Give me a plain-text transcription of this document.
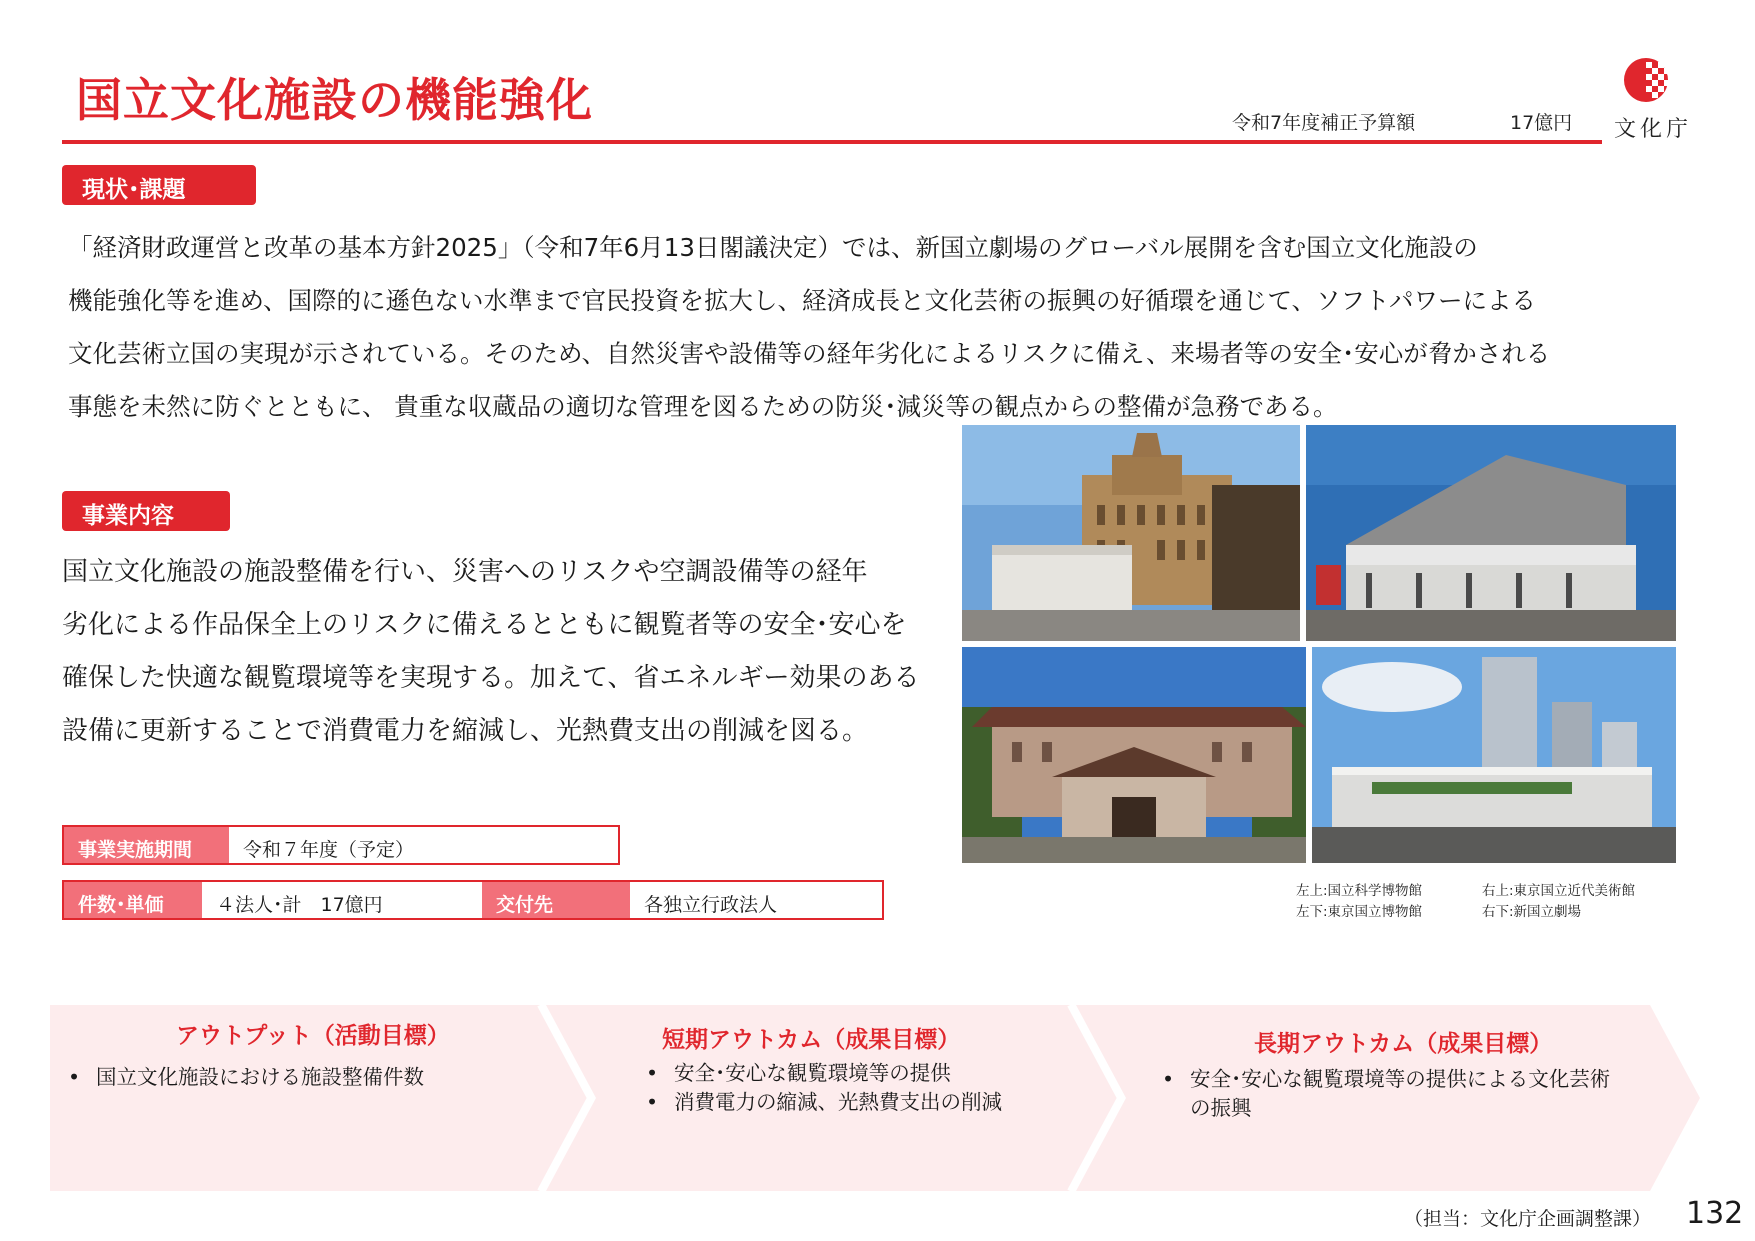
国立文化施設の機能強化	令和7年度補正予算額	17億円 文化庁
現状･課題
「経済財政運営と改革の基本方針2025」（令和7年6月13日閣議決定）では、新国立劇場のグローバル展開を含む国立文化施設の
機能強化等を進め、国際的に遜色ない水準まで官民投資を拡大し、経済成長と文化芸術の振興の好循環を通じて、ソフトパワーによる
文化芸術立国の実現が示されている。そのため、自然災害や設備等の経年劣化によるリスクに備え、来場者等の安全･安心が脅かされる
事態を未然に防ぐとともに、 貴重な収蔵品の適切な管理を図るための防災･減災等の観点からの整備が急務である。
事業内容
国立文化施設の施設整備を行い、災害へのリスクや空調設備等の経年
劣化による作品保全上のリスクに備えるとともに観覧者等の安全･安心を
確保した快適な観覧環境等を実現する。加えて、省エネルギー効果のある
設備に更新することで消費電力を縮減し、光熱費支出の削減を図る。
事業実施期間	令和７年度（予定）
件数･単価	４法人･計　17億円	交付先	各独立行政法人
左上:国立科学博物館	右上:東京国立近代美術館
左下:東京国立博物館	右下:新国立劇場
アウトプット（活動目標）
• 国立文化施設における施設整備件数
短期アウトカム（成果目標）
• 安全･安心な観覧環境等の提供
• 消費電力の縮減、光熱費支出の削減
長期アウトカム（成果目標）
• 安全･安心な観覧環境等の提供による文化芸術の振興
（担当：文化庁企画調整課） 132
